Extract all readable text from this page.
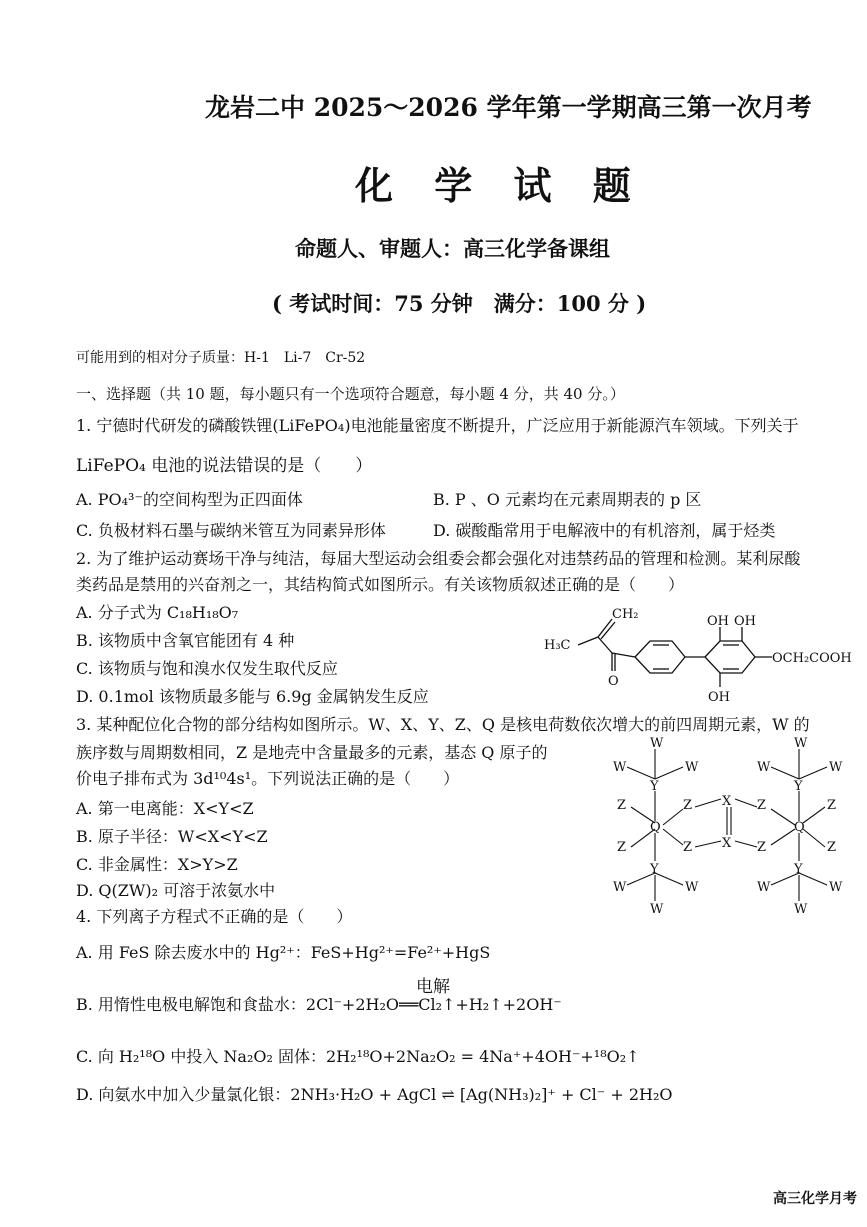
龙岩二中 2025～2026 学年第一学期高三第一次月考
化 学 试 题
命题人、审题人：高三化学备课组
( 考试时间：75 分钟　满分：100 分 )
可能用到的相对分子质量：H-1　Li-7　Cr-52
一、选择题（共 10 题，每小题只有一个选项符合题意，每小题 4 分，共 40 分。）
1. 宁德时代研发的磷酸铁锂(LiFePO₄)电池能量密度不断提升，广泛应用于新能源汽车领域。下列关于
LiFePO₄ 电池的说法错误的是（　　）
A. PO₄³⁻的空间构型为正四面体	B. P 、O 元素均在元素周期表的 p 区
C. 负极材料石墨与碳纳米管互为同素异形体	D. 碳酸酯常用于电解液中的有机溶剂，属于烃类
2. 为了维护运动赛场干净与纯洁，每届大型运动会组委会都会强化对违禁药品的管理和检测。某利尿酸
类药品是禁用的兴奋剂之一，其结构简式如图所示。有关该物质叙述正确的是（　　）
A. 分子式为 C₁₈H₁₈O₇
B. 该物质中含氧官能团有 4 种
C. 该物质与饱和溴水仅发生取代反应
D. 0.1mol 该物质最多能与 6.9g 金属钠发生反应
CH₂
H₃C
O
OH OH
OH
OCH₂COOH
3. 某种配位化合物的部分结构如图所示。W、X、Y、Z、Q 是核电荷数依次增大的前四周期元素，W 的
族序数与周期数相同，Z 是地壳中含量最多的元素，基态 Q 原子的
价电子排布式为 3d¹⁰4s¹。下列说法正确的是（　　）
A. 第一电离能：X<Y<Z
B. 原子半径：W<X<Y<Z
C. 非金属性：X>Y>Z
D. Q(ZW)₂ 可溶于浓氨水中
W
W	W
Y
Z	Z
Q
Z	Z
X
X
Z
Z
Y
W	W
W
W
W	W
Y
Z
Q
Z
Y
W	W
W
4. 下列离子方程式不正确的是（　　）
A. 用 FeS 除去废水中的 Hg²⁺：FeS+Hg²⁺=Fe²⁺+HgS
电解
B. 用惰性电极电解饱和食盐水：2Cl⁻+2H₂O══Cl₂↑+H₂↑+2OH⁻
C. 向 H₂¹⁸O 中投入 Na₂O₂ 固体：2H₂¹⁸O+2Na₂O₂ = 4Na⁺+4OH⁻+¹⁸O₂↑
D. 向氨水中加入少量氯化银：2NH₃·H₂O + AgCl ⇌ [Ag(NH₃)₂]⁺ + Cl⁻ + 2H₂O
高三化学月考
